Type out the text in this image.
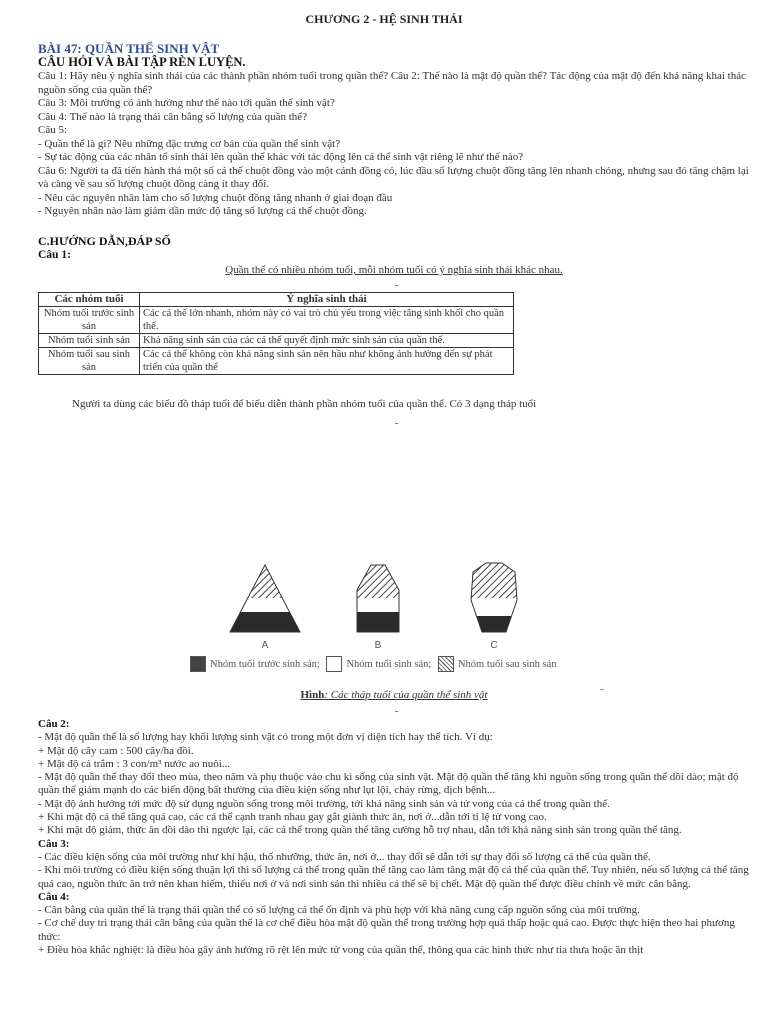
CHƯƠNG 2 - HỆ SINH THÁI
BÀI 47: QUẦN THỂ SINH VẬT
CÂU HỎI VÀ BÀI TẬP RÈN LUYỆN.

Câu 1: Hãy nêu ý nghĩa sinh thái của các thành phần nhóm tuổi trong quần thể? Câu 2: Thế nào là mật độ quần thể? Tác động của mật độ đến khả năng khai thác nguồn sống của quần thể?

Câu 3: Môi trường có ảnh hưởng như thế nào tới quần thể sinh vật?

Câu 4: Thế nào là trạng thái cân bằng số lượng của quần thể?

Câu 5:

- Quần thể là gì? Nêu những đặc trưng cơ bản của quần thể sinh vật?

- Sự tác động của các nhân tố sinh thái lên quần thể khác với tác động lên cá thể sinh vật riêng lẽ như thế nào?

Câu 6: Người ta đã tiến hành thả một số cá thể chuột đồng vào một cánh đồng cỏ, lúc đầu số lượng chuột đồng tăng lên nhanh chóng, nhưng sau đó tăng chậm lại và càng về sau số lượng chuột đồng càng ít thay đổi.

- Nêu các nguyên nhân làm cho số lượng chuột đồng tăng nhanh ở giai đoạn đầu

- Nguyên nhân nào làm giảm dần mức độ tăng số lượng cá thể chuột đồng.

C.HƯỚNG DẪN,ĐÁP SỐ
Câu 1:
Quần thể có nhiều nhóm tuổi, mỗi nhóm tuổi có ý nghĩa sinh thái khác nhau.
-
Các nhóm tuổi	Ý nghĩa sinh thái
Nhóm tuổi trước sinh sản	Các cá thể lớn nhanh, nhóm này có vai trò chủ yếu trong việc tăng sinh khối cho quần thể.
Nhóm tuổi sinh sản	Khả năng sinh sản của các cá thể quyết định mức sinh sản của quần thể.
Nhóm tuổi sau sinh sản	Các cá thể không còn khả năng sinh sản nên hầu như không ảnh hưởng đến sự phát triển của quần thể
Người ta dùng các biểu đồ tháp tuổi để biểu diễn thành phần nhóm tuổi của quần thể. Có 3 dạng tháp tuổi
-
A	B	C
Nhóm tuổi trước sinh sản;
	Nhóm tuổi sinh sản;
	Nhóm tuổi sau sinh sản
Hình: Các tháp tuổi của quần thể sinh vật	-
-

Câu 2:

- Mật độ quần thể là số lượng hay khối lượng sinh vật có trong một đơn vị diện tích hay thể tích. Ví dụ:

+ Mật độ cây cam : 500 cây/ha đồi.

+ Mật độ cá trắm : 3 con/m³ nước ao nuôi...

- Mật độ quần thể thay đổi theo mùa, theo năm và phụ thuộc vào chu kì sống của sinh vật. Mật độ quần thể tăng khi nguồn sống trong quần thể dồi dào; mật độ quần thể giảm mạnh do các biến động bất thường của điều kiện sống như lụt lội, cháy rừng, dịch bệnh...

- Mật độ ảnh hưởng tới mức độ sử dụng nguồn sống trong môi trường, tới khả năng sinh sản và tử vong của cá thể trong quần thể.

+ Khi mật độ cá thể tăng quá cao, các cá thể cạnh tranh nhau gay gắt giành thức ăn, nơi ở...dẫn tới tỉ lệ tử vong cao.

+ Khi mật độ giảm, thức ăn dồi dào thì ngược lại, các cá thể trong quần thể tăng cường hỗ trợ nhau, dẫn tới khả năng sinh sản trong quần thể tăng.

Câu 3:

- Các điều kiện sống của môi trường như khí hậu, thổ nhưỡng, thức ăn, nơi ở... thay đổi sẽ dẫn tới sự thay đổi số lượng cá thể của quần thể.

- Khi môi trường có điều kiện sống thuận lợi thì số lượng cá thể trong quần thể tăng cao làm tăng mật độ cá thể của quần thể. Tuy nhiên, nếu số lượng cá thể tăng quá cao, nguồn thức ăn trở nên khan hiếm, thiếu nơi ở và nơi sinh sản thì nhiều cá thể sẽ bị chết. Mật độ quần thể được điều chỉnh về mức cân bằng.

Câu 4:

- Cân bằng của quần thể là trạng thái quần thể có số lượng cá thể ổn định và phù hợp với khả năng cung cấp nguồn sống của môi trường.

- Cơ chế duy trì trạng thái cân bằng của quần thể là cơ chế điều hòa mật độ quần thể trong trường hợp quá thấp hoặc quá cao. Được thực hiện theo hai phương thức:

+ Điều hòa khắc nghiệt: là điều hòa gây ảnh hưởng rõ rệt lên mức tử vong của quần thể, thông qua các hình thức như tỉa thưa hoặc ăn thịt
